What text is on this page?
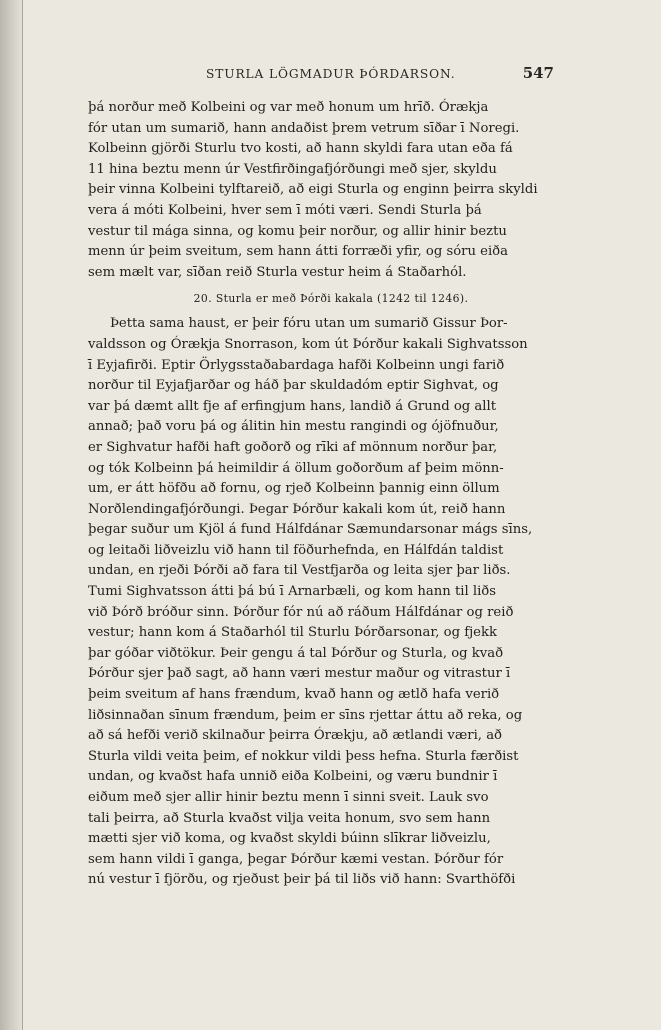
STURLA LÖGMADUR ÞÓRDARSON.	547
þá norður með Kolbeini og var með honum um hrīð. Órækja
fór utan um sumarið, hann andaðist þrem vetrum sīðar ī Noregi.
Kolbeinn gjörði Sturlu tvo kosti, að hann skyldi fara utan eða fá
11 hina beztu menn úr Vestfirðingafjórðungi með sjer, skyldu
þeir vinna Kolbeini tylftareið, að eigi Sturla og enginn þeirra skyldi
vera á móti Kolbeini, hver sem ī móti væri. Sendi Sturla þá
vestur til mága sinna, og komu þeir norður, og allir hinir beztu
menn úr þeim sveitum, sem hann átti forræði yfir, og sóru eiða
sem mælt var, sīðan reið Sturla vestur heim á Staðarhól.
20. Sturla er með Þórði kakala (1242 til 1246).
Þetta sama haust, er þeir fóru utan um sumarið Gissur Þor-
valdsson og Órækja Snorrason, kom út Þórður kakali Sighvatsson
ī Eyjafirði. Eptir Örlygsstaðabardaga hafði Kolbeinn ungi farið
norður til Eyjafjarðar og háð þar skuldadóm eptir Sighvat, og
var þá dæmt allt fje af erfingjum hans, landið á Grund og allt
annað; það voru þá og álitin hin mestu rangindi og ójöfnuður,
er Sighvatur hafði haft goðorð og rīki af mönnum norður þar,
og tók Kolbeinn þá heimildir á öllum goðorðum af þeim mönn-
um, er átt höfðu að fornu, og rjeð Kolbeinn þannig einn öllum
Norðlendingafjórðungi. Þegar Þórður kakali kom út, reið hann
þegar suður um Kjöl á fund Hálfdánar Sæmundarsonar mágs sīns,
og leitaði liðveizlu við hann til föðurhefnda, en Hálfdán taldist
undan, en rjeði Þórði að fara til Vestfjarða og leita sjer þar liðs.
Tumi Sighvatsson átti þá bú ī Arnarbæli, og kom hann til liðs
við Þórð bróður sinn. Þórður fór nú að ráðum Hálfdánar og reið
vestur; hann kom á Staðarhól til Sturlu Þórðarsonar, og fjekk
þar góðar viðtökur. Þeir gengu á tal Þórður og Sturla, og kvað
Þórður sjer það sagt, að hann væri mestur maður og vitrastur ī
þeim sveitum af hans frændum, kvað hann og ætlð hafa verið
liðsinnaðan sīnum frændum, þeim er sīns rjettar áttu að reka, og
að sá hefði verið skilnaður þeirra Órækju, að ætlandi væri, að
Sturla vildi veita þeim, ef nokkur vildi þess hefna. Sturla færðist
undan, og kvaðst hafa unnið eiða Kolbeini, og væru bundnir ī
eiðum með sjer allir hinir beztu menn ī sinni sveit. Lauk svo
tali þeirra, að Sturla kvaðst vilja veita honum, svo sem hann
mætti sjer við koma, og kvaðst skyldi búinn slīkrar liðveizlu,
sem hann vildi ī ganga, þegar Þórður kæmi vestan. Þórður fór
nú vestur ī fjörðu, og rjeðust þeir þá til liðs við hann: Svarthöfði
